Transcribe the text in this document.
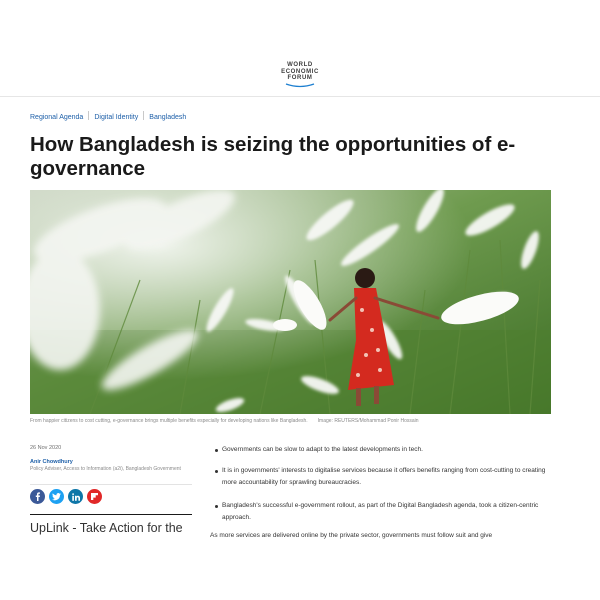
WORLD
ECONOMIC
FORUM
Regional Agenda Digital Identity Bangladesh
How Bangladesh is seizing the opportunities of e-governance
From happier citizens to cost cutting, e-governance brings multiple benefits especially for developing nations like Bangladesh. Image: REUTERS/Mohammad Ponir Hossain
26 Nov 2020
Anir Chowdhury
Policy Adviser, Access to Information (a2i), Bangladesh Government
UpLink - Take Action for the
Governments can be slow to adapt to the latest developments in tech.
It is in governments' interests to digitalise services because it offers benefits ranging from cost-cutting to creating more accountability for sprawling bureaucracies.
Bangladesh's successful e-government rollout, as part of the Digital Bangladesh agenda, took a citizen-centric approach.

As more services are delivered online by the private sector, governments must follow suit and give
